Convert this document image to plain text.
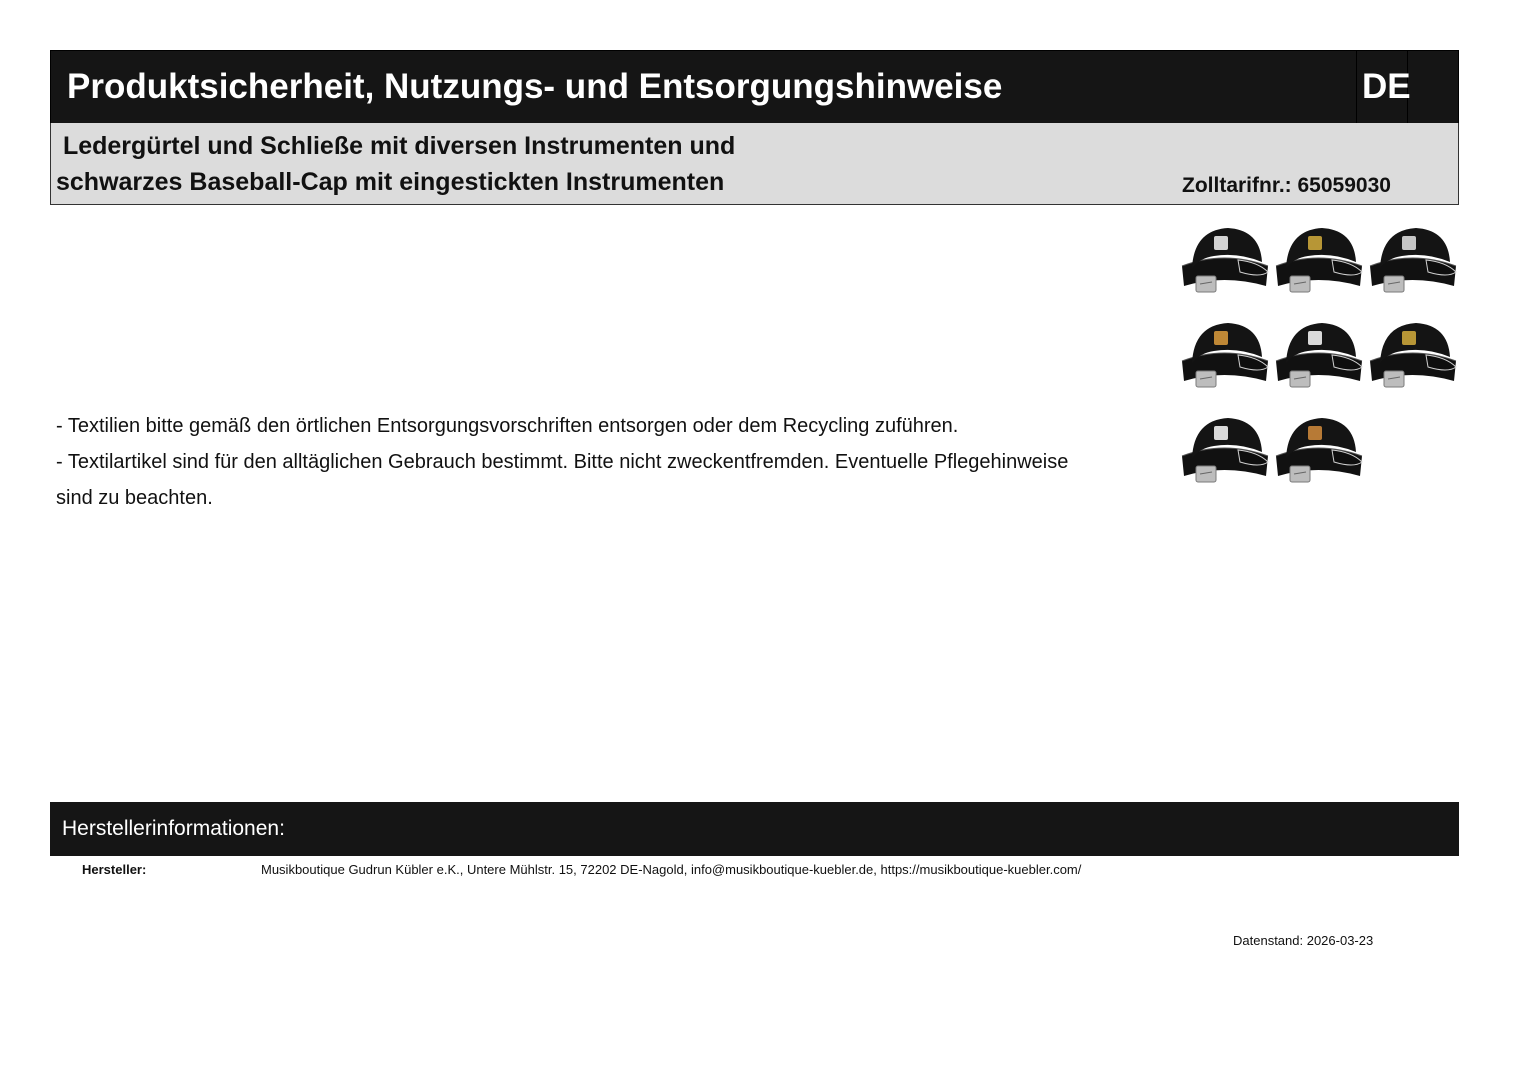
Produktsicherheit, Nutzungs- und Entsorgungshinweise	DE
Ledergürtel und Schließe mit diversen Instrumenten und
schwarzes Baseball-Cap mit eingestickten Instrumenten	Zolltarifnr.: 65059030

- Textilien bitte gemäß den örtlichen Entsorgungsvorschriften entsorgen oder dem Recycling zuführen.

- Textilartikel sind für den alltäglichen Gebrauch bestimmt. Bitte nicht zweckentfremden. Eventuelle Pflegehinweise sind zu beachten.

Herstellerinformationen:
Hersteller:	Musikboutique Gudrun Kübler e.K., Untere Mühlstr. 15, 72202 DE-Nagold, info@musikboutique-kuebler.de, https://musikboutique-kuebler.com/
Datenstand: 2026-03-23
